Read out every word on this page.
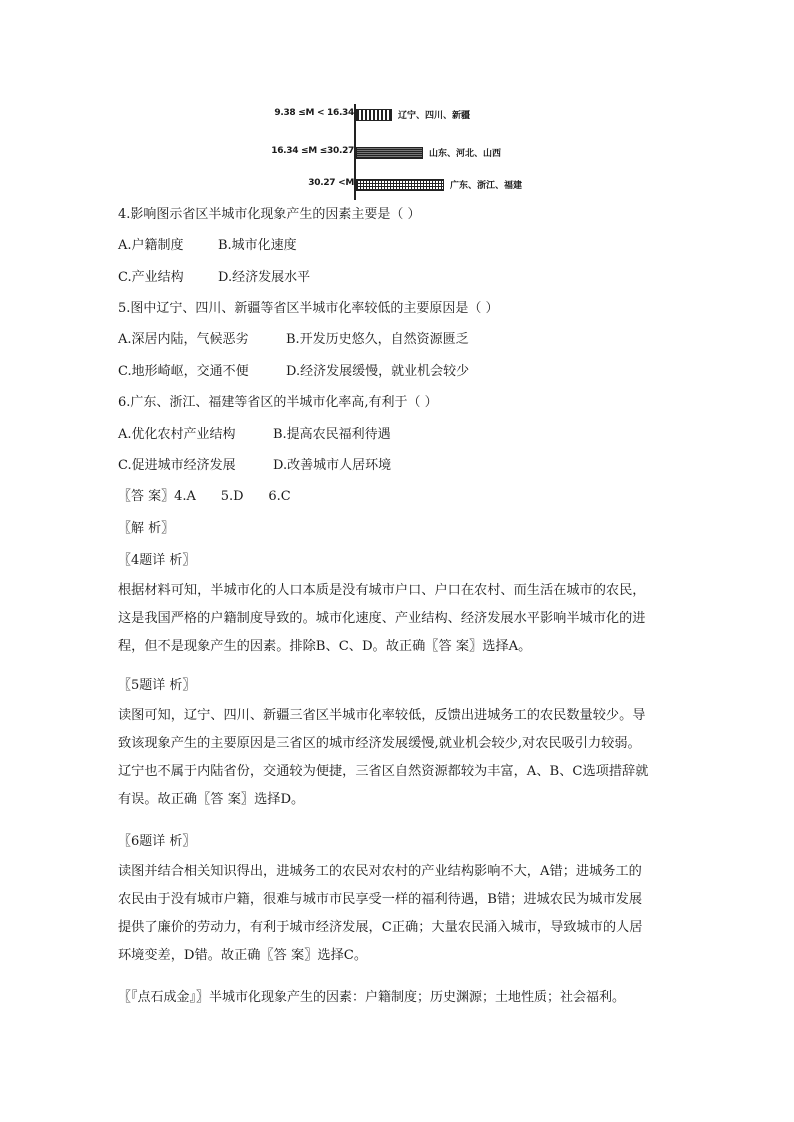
9.38 ≤M < 16.34	辽宁、四川、新疆
16.34 ≤M ≤30.27	山东、河北、山西
30.27 <M	广东、浙江、福建
4.影响图示省区半城市化现象产生的因素主要是（ ）
A.户籍制度	B.城市化速度
C.产业结构	D.经济发展水平
5.图中辽宁、四川、新疆等省区半城市化率较低的主要原因是（ ）
A.深居内陆，气候恶劣	B.开发历史悠久，自然资源匮乏
C.地形崎岖，交通不便	D.经济发展缓慢，就业机会较少
6.广东、浙江、福建等省区的半城市化率高,有利于（ ）
A.优化农村产业结构	B.提高农民福利待遇
C.促进城市经济发展	D.改善城市人居环境
〖答 案〗4.A      5.D      6.C
〖解 析〗
〖4题详 析〗

根据材料可知，半城市化的人口本质是没有城市户口、户口在农村、而生活在城市的农民，

这是我国严格的户籍制度导致的。城市化速度、产业结构、经济发展水平影响半城市化的进

程，但不是现象产生的因素。排除B、C、D。故正确〖答 案〗选择A。

〖5题详 析〗

读图可知，辽宁、四川、新疆三省区半城市化率较低，反馈出进城务工的农民数量较少。导

致该现象产生的主要原因是三省区的城市经济发展缓慢,就业机会较少,对农民吸引力较弱。

辽宁也不属于内陆省份，交通较为便捷，三省区自然资源都较为丰富，A、B、C选项措辞就

有误。故正确〖答 案〗选择D。

〖6题详 析〗

读图并结合相关知识得出，进城务工的农民对农村的产业结构影响不大，A错；进城务工的

农民由于没有城市户籍，很难与城市市民享受一样的福利待遇，B错；进城农民为城市发展

提供了廉价的劳动力，有利于城市经济发展，C正确；大量农民涌入城市，导致城市的人居

环境变差，D错。故正确〖答 案〗选择C。

〖『点石成金』〗半城市化现象产生的因素：户籍制度；历史渊源；土地性质；社会福利。
